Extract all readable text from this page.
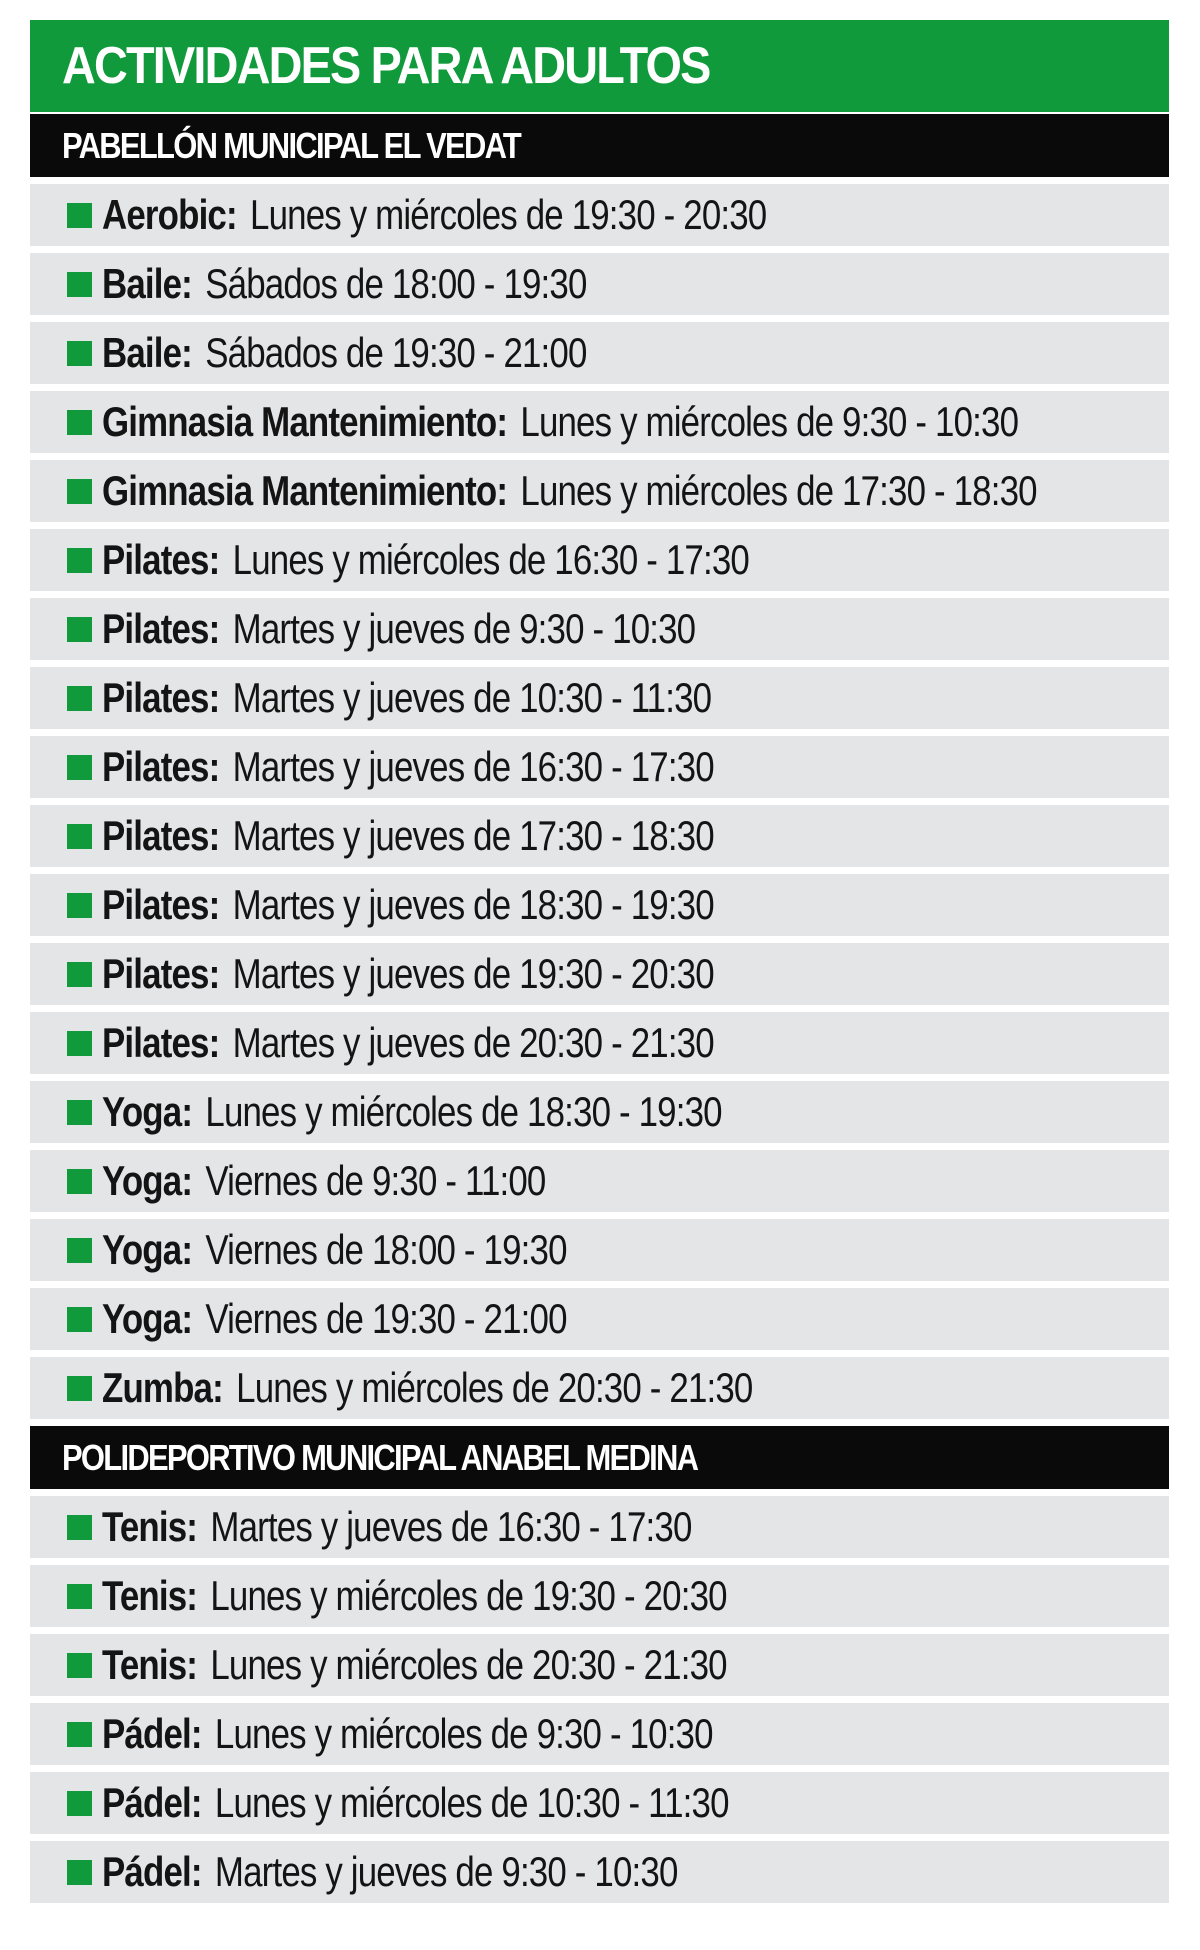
ACTIVIDADES PARA ADULTOS
PABELLÓN MUNICIPAL EL VEDAT
Aerobic: Lunes y miércoles de 19:30 - 20:30
Baile: Sábados de 18:00 - 19:30
Baile: Sábados de 19:30 - 21:00
Gimnasia Mantenimiento: Lunes y miércoles de 9:30 - 10:30
Gimnasia Mantenimiento: Lunes y miércoles de 17:30 - 18:30
Pilates: Lunes y miércoles de 16:30 - 17:30
Pilates: Martes y jueves de 9:30 - 10:30
Pilates: Martes y jueves de 10:30 - 11:30
Pilates: Martes y jueves de 16:30 - 17:30
Pilates: Martes y jueves de 17:30 - 18:30
Pilates: Martes y jueves de 18:30 - 19:30
Pilates: Martes y jueves de 19:30 - 20:30
Pilates: Martes y jueves de 20:30 - 21:30
Yoga: Lunes y miércoles de 18:30 - 19:30
Yoga: Viernes de 9:30 - 11:00
Yoga: Viernes de 18:00 - 19:30
Yoga: Viernes de 19:30 - 21:00
Zumba: Lunes y miércoles de 20:30 - 21:30
POLIDEPORTIVO MUNICIPAL ANABEL MEDINA
Tenis: Martes y jueves de 16:30 - 17:30
Tenis: Lunes y miércoles de 19:30 - 20:30
Tenis: Lunes y miércoles de 20:30 - 21:30
Pádel: Lunes y miércoles de 9:30 - 10:30
Pádel: Lunes y miércoles de 10:30 - 11:30
Pádel: Martes y jueves de 9:30 - 10:30
